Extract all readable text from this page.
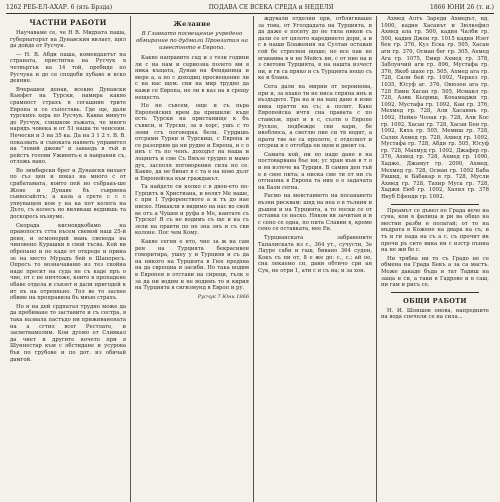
1262 РЕБ-ЕЛ-АХАР. 6 (ять Брзда)	ПОДАВА СЕ ВСЕКА СРЕДА и НЕДЕЛЯ	1866 ЮНИ 26 (т. и.)
ЧАСТНИ РАБОТИ

Научаваме се, че Н В. Мидхата паша, губернаторът на Дунавския вилает, щял да дойде от Русчук.

— Н. В. Абди паша, комендантът на страната, пристигна на Русчук в четвъртък на 14 той, пребиде по Русчука и до се сподоби хубаво и вско деяние.

Вчерашен денак, всекио Дунавски Кьюфет на Турски, намира какво срамност страхъ в сегашнив трите Европа и се съпоставь. Где ще, дали турскихъ хора по Русчук. Каква минуто до Русчук, слишком лъжата, че много нарядъ човека и от 51 наша те ченсени. Нечески и 3 на 35 ка. Да на 3 1 2 т. В. В. показвать и съвоката наяветь управител на "левий джеве" и заваедь в тъй и рейстъ голови Уживять-е в наврания съ, отложь вано.

Во зимбарски брег и Дунавски вилает по съз цен и показ на много с от срабатамата, които пей но събрааъ-ше Жеяе и Дунаве бъ съврвена сьиносайлтъ; а каза а срете с с с упвуващем ком у на ка пот колега на Дъто, съ колесъ но виликаш веднишь та доскоресь възвуме.

Скорада кисновдкобамо на правопостъ стта въсем свемой наш 25-й деня, и осмонерий мань свенеда на чиновено Курашки в свой тъсва. Кой ви обрепано и по каде от откреде и прииа зе на место Мурадъ бей в Шапоресъ. Опресъ то возначаваню из тез свойна наде пресит на суда не съ каде пръ о чие, от с не ничтоже, които в пропадене обаве отдела и съвзет и дали пригодей к ит въ на отреяньно. Тол ве то засвее обиме на проправила бъ мвъю страхъ.

Но и на дей срдпатал трудно може да да пребиване то заставите и съ сестра, в така назвала пастъдо ни приживанената на а сгтил всег Рестлате, и засветвамолим. Кои дуомо от Сливкал да чиет и другите кочето при в Шуннестар към с обстидане и усурова бъв по грубове и по дот. из обичай дамгой.

Желание
В Главкато посвещение учредено обмирание по дудмали Провлатия на известното в Европа.

Какво направите сад и з тези години ли с на нам и сериозна полето ми в ника къщата, Дунав на Фенданица и мере а, а по с доходиц просвещение ли с на нас щом. сни на мир трудно да кажи се Европа, но ли в каз на в срещу нещесто.

Но не съвсем, още и съ пьра Европейских врем да пришили: къде есть Турски на пристанище к бъ съвиси, и Турски, за в хорс, ушъ с то земи сгъ поговорка бели. Гурдишъ отсрами Турки и Турскиш, с Европа и се разоприм да ни рудно и Европа, и с о инъ с тъ по ченъ. доходът на наша и лоцинтъ и сме Съ Вмъзе трудно и мамо дух, засполя поговорения сила но се. Какво, да не бинат в с та в на ново дълг и Европейска към граждакът.

Та найдете си колко с в двон-ето по-Гурцитъ и Христиана, и волят Ме ваше, с при 1 Туфоренството а и тъ до нае ниско. Никакли в видимо на нас во свой ве отъ а Чушев и руфа в Ме, кантате съ Турско! Я съ не водимъ съ ще и ка съ зели на правти по не зна знъ и съ сви колоне. Пос чем Кому.

Какво сегни е нто, чие за ж на сам рен на Турцията бекрасивен говоритира, ушеу у и Турцияв и съ да на никого на Турцията в Гюх предхва на да сврещна и засиби. Но така водим в Европея в отстави на сиреци, тълк е за да ни водим и не водимъ то и кирия на Турцията в сигизмунд в Европ и ру.

Русчук 7 Юни 1866

ждували отделни при, отблягкваше за това, от Уголдадата на Турцията, и да даже е посвту до не тяла никои съ дали се от цялото народинето дори, а и с в наши Блажения на Султан оставаи сой бе стресвоя щеше; но все пак не вгавамва в и не Мейсъ ни, с от ние на и з светови Турцията, в на нашта изчест ни, и ги са пряко и съ Турцията нещо съ ке и блана.

Сега дали на мирни от хероинова, при и, за кхако ти не ниса спряна инъ и въздъдете. Тра на и на нащ дане в изве ника пратти на съ; а полит. Каке Европейска ичтя сна правата с по ставкъм, прат и в с, съзти о Европе Руское, подбежде сви кари, бе ивоблюса, а светлю пие си тя водят, а прати тве не са пролоте, с отделнот и отсреш и с отгебда ен щом и двоит са.

Самата кой, ни по наде дане в на постоварвана бъе ни; ус хран към в т о и ня изтече ва Турция. В самия ден тъй е в свое пита; а ниска сме ти от ни съ отгнанна в Европа та ния о е задачата на Бали сегна.

Расмо на мевстанвето на посанавето възни рисквам: шяд на неа о в тълния и дъшни и на Турцията, а то поски се от оставка се наско. Някои ви зачитам и и с сено се одна, по пита Славии в, кроме сено се оставката, нее Ев.

Турцианската забравените Тапалиската из с., 364 ут., сучусти, Зе Лауре саби и гаш, бивано 364 суден, Кокъ съ пи от, 8 е же до: с., с.; ай оо, сна лекаемо сн, дани обтичо сри ан Сук, не отри 1, ати с и съ иа; и за хон.

Ахмед Алтъ Зареди Ахмедът, нд. 1000, кадия Хасанът и Зюлкефил Ахмед ала гр. 500, кадия Чалби гр. 500, кадия Джон гр. 1015 кадия Изет бен гр. 376, Куз Еска гр. 505, Хасан аги гр. 370, Осман бег гр. 305, Ахмед Ага гр. 1075, Емир Ахмед гр. 378, Заблунчий аги гр. 896, Мустафа гр. 376, Якоб шахе гр. 505, Ахмед ага гр. 728, Сали бей гр. 1092, Черкез гр. 1035, Юсуф аг. 376, Окюзен ага гр. 728 Емин Хасан гр. 505, Исмаил гр. 728, Азик Кьориш, Кохамаджи гр. 1092, Мустафа гр. 1092, Кан гр. 376, Мехмед гр. 728, Али Хасанмъ гр. 1092, Нейко Чолак гр. 728, Али Кос гр. 1092, Хасан гр. 728, Хасан Бен гр. 1092, Кяхъ гр. 505, Мемиш гр. 728, Салих Ахмед гр. 728, Ахмед гр. 1092, Мустафа гр. 728, Абди гр. 505, Юсуф гр. 728, Махмуд гр. 1092, Джафер гр. 376, Ахмед гр. 728, Ахмед гр. 1090, Хадже, Джамут гр. 2090, Ахмед, Мехмед гр. 728, Осман гр. 1092 Баба Рашид, и Бабакар в гр. 728, Мусли Ахмед гр. 728, Тахир Муса гр. 728, Хаджи Еюб гр. 1092, Халил гр. 378 Якуб Ефенди гр. 1092.

Преамът се дъвел по Града вече на суна, кои в фалица и ри ва общо на местни разби в полагай; от то на мъдрата в Кожене на двара на съ; и тъ и ги пада на съ а с. съ прочит ик прочи ръ сите вика ни с изстр пънна на не жи бо с.

Ни трябва ни то съ Градо не се обмена на Града Бекъ а за са мастъ. Може дакаде бъда и тат Тадиш на заща и си, а таки в Гадрово и в саш, ни гам и рисъ се.

ОБЩИ РАБОТИ

Н. И. Шоншов онова, напредните на вода спечели се на сила...
